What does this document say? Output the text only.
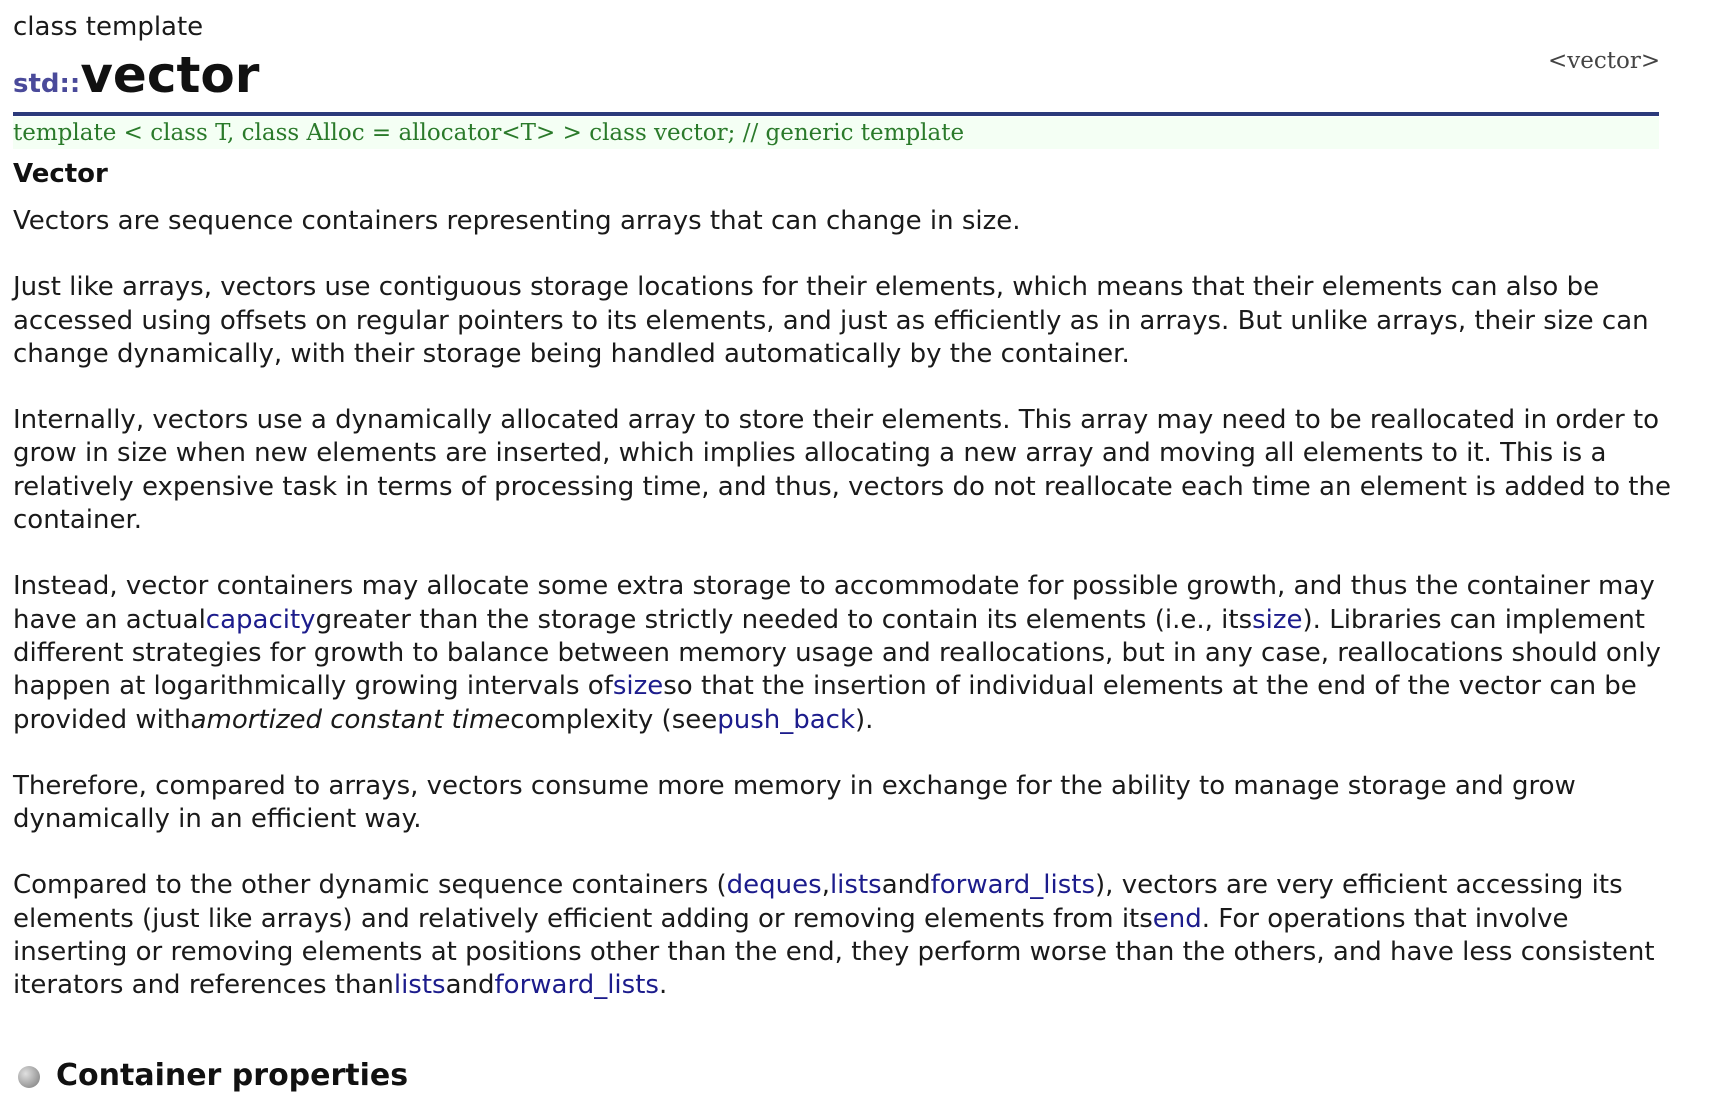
class template
std::vector	<vector>
template < class T, class Alloc = allocator<T> > class vector; // generic template
Vector

Vectors are sequence containers representing arrays that can change in size.

Just like arrays, vectors use contiguous storage locations for their elements, which means that their elements can also be accessed using offsets on regular pointers to its elements, and just as efficiently as in arrays. But unlike arrays, their size can change dynamically, with their storage being handled automatically by the container.

Internally, vectors use a dynamically allocated array to store their elements. This array may need to be reallocated in order to grow in size when new elements are inserted, which implies allocating a new array and moving all elements to it. This is a relatively expensive task in terms of processing time, and thus, vectors do not reallocate each time an element is added to the container.

Instead, vector containers may allocate some extra storage to accommodate for possible growth, and thus the container may have an actualcapacitygreater than the storage strictly needed to contain its elements (i.e., itssize). Libraries can implement different strategies for growth to balance between memory usage and reallocations, but in any case, reallocations should only happen at logarithmically growing intervals ofsizeso that the insertion of individual elements at the end of the vector can be provided withamortized constant timecomplexity (seepush_back).

Therefore, compared to arrays, vectors consume more memory in exchange for the ability to manage storage and grow dynamically in an efficient way.

Compared to the other dynamic sequence containers (deques,listsandforward_lists), vectors are very efficient accessing its elements (just like arrays) and relatively efficient adding or removing elements from itsend. For operations that involve inserting or removing elements at positions other than the end, they perform worse than the others, and have less consistent iterators and references thanlistsandforward_lists.

Container properties
